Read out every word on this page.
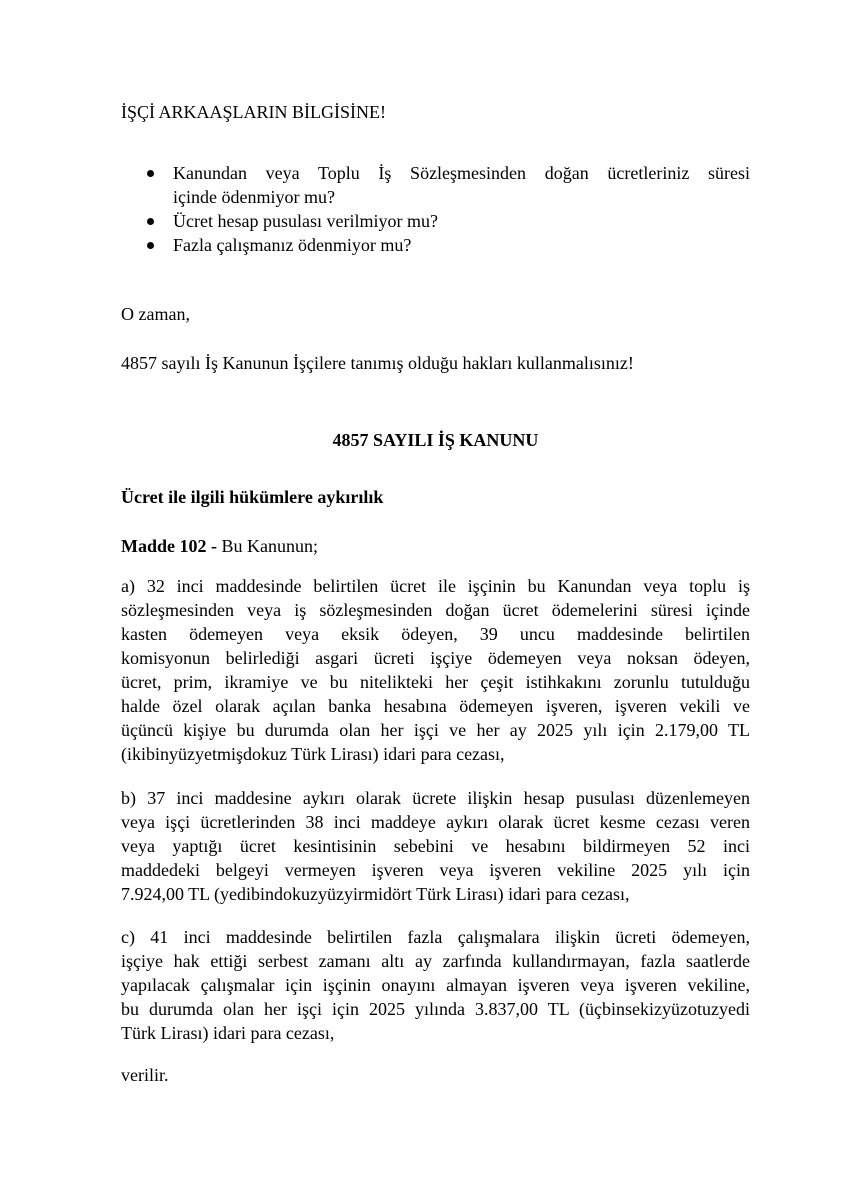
İŞÇİ ARKAAŞLARIN BİLGİSİNE!

Kanundan veya Toplu İş Sözleşmesinden doğan ücretleriniz süresi
içinde ödenmiyor mu?
Ücret hesap pusulası verilmiyor mu?
Fazla çalışmanız ödenmiyor mu?

O zaman,

4857 sayılı İş Kanunun İşçilere tanımış olduğu hakları kullanmalısınız!

4857 SAYILI İŞ KANUNU

Ücret ile ilgili hükümlere aykırılık

Madde 102 - Bu Kanunun;

a) 32 inci maddesinde belirtilen ücret ile işçinin bu Kanundan veya toplu iş
sözleşmesinden veya iş sözleşmesinden doğan ücret ödemelerini süresi içinde
kasten ödemeyen veya eksik ödeyen, 39 uncu maddesinde belirtilen
komisyonun belirlediği asgari ücreti işçiye ödemeyen veya noksan ödeyen,
ücret, prim, ikramiye ve bu nitelikteki her çeşit istihkakını zorunlu tutulduğu
halde özel olarak açılan banka hesabına ödemeyen işveren, işveren vekili ve
üçüncü kişiye bu durumda olan her işçi ve her ay 2025 yılı için 2.179,00 TL
(ikibinyüzyetmişdokuz Türk Lirası) idari para cezası,

b) 37 inci maddesine aykırı olarak ücrete ilişkin hesap pusulası düzenlemeyen
veya işçi ücretlerinden 38 inci maddeye aykırı olarak ücret kesme cezası veren
veya yaptığı ücret kesintisinin sebebini ve hesabını bildirmeyen 52 inci
maddedeki belgeyi vermeyen işveren veya işveren vekiline 2025 yılı için
7.924,00 TL (yedibindokuzyüzyirmidört Türk Lirası) idari para cezası,

c) 41 inci maddesinde belirtilen fazla çalışmalara ilişkin ücreti ödemeyen,
işçiye hak ettiği serbest zamanı altı ay zarfında kullandırmayan, fazla saatlerde
yapılacak çalışmalar için işçinin onayını almayan işveren veya işveren vekiline,
bu durumda olan her işçi için 2025 yılında 3.837,00 TL (üçbinsekizyüzotuzyedi
Türk Lirası) idari para cezası,

verilir.
